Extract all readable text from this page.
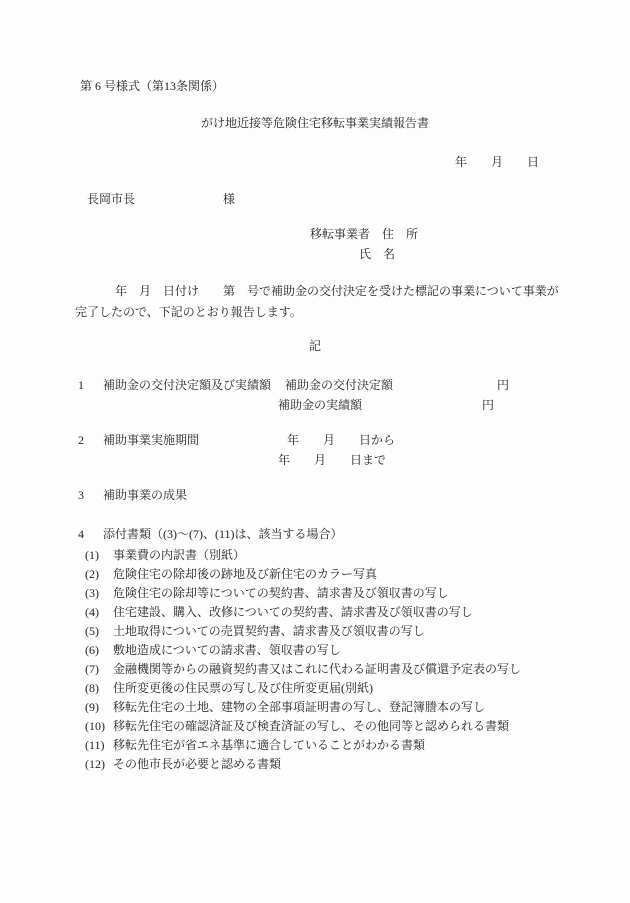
第 6 号様式（第13条関係）
がけ地近接等危険住宅移転事業実績報告書
年　　月　　日
長岡市長	様
移転事業者　住　所
氏　名
年　月　日付け　　第　号で補助金の交付決定を受けた標記の事業について事業が
完了したので、下記のとおり報告します。
記
1 補助金の交付決定額及び実績額 補助金の交付決定額	円
補助金の実績額	円
2 補助事業実施期間	年　　月　　日から
年　　月　　日まで
3 補助事業の成果
4 添付書類（(3)～(7)、(11)は、該当する場合）
(1) 事業費の内訳書（別紙）
(2) 危険住宅の除却後の跡地及び新住宅のカラー写真
(3) 危険住宅の除却等についての契約書、請求書及び領収書の写し
(4) 住宅建設、購入、改修についての契約書、請求書及び領収書の写し
(5) 土地取得についての売買契約書、請求書及び領収書の写し
(6) 敷地造成についての請求書、領収書の写し
(7) 金融機関等からの融資契約書又はこれに代わる証明書及び償還予定表の写し
(8) 住所変更後の住民票の写し及び住所変更届(別紙)
(9) 移転先住宅の土地、建物の全部事項証明書の写し、登記簿謄本の写し
(10) 移転先住宅の確認済証及び検査済証の写し、その他同等と認められる書類
(11) 移転先住宅が省エネ基準に適合していることがわかる書類
(12) その他市長が必要と認める書類
